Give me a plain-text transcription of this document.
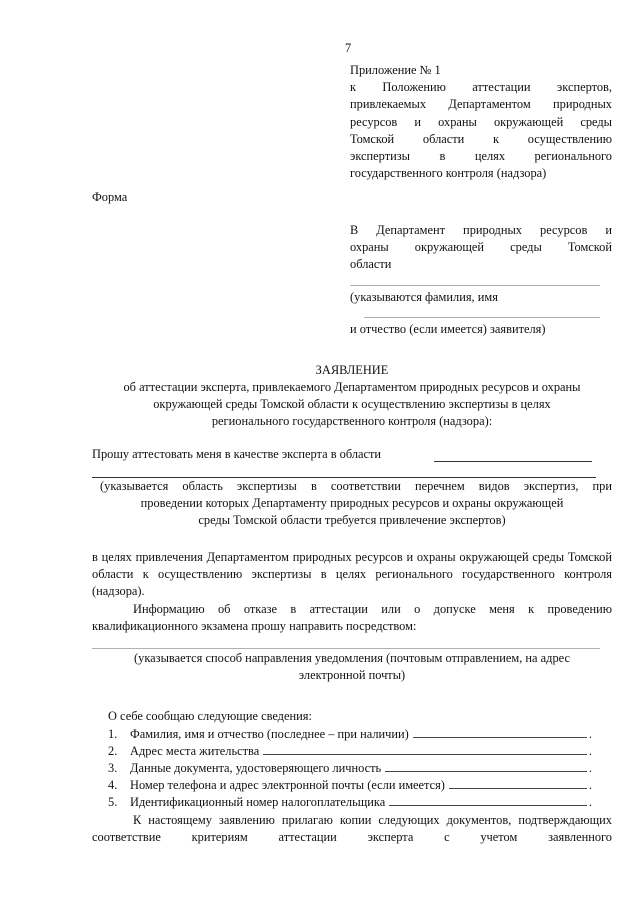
7
Приложение № 1
к Положению аттестации экспертов,
привлекаемых Департаментом природных
ресурсов и охраны окружающей среды
Томской области к осуществлению
экспертизы в целях регионального
государственного контроля (надзора)
Форма
В Департамент природных ресурсов и
охраны окружающей среды Томской
области
(указываются фамилия, имя
и отчество (если имеется) заявителя)
ЗАЯВЛЕНИЕ
об аттестации эксперта, привлекаемого Департаментом природных ресурсов и охраны
окружающей среды Томской области к осуществлению экспертизы в целях
регионального государственного контроля (надзора):
Прошу аттестовать меня в качестве эксперта в области
(указывается область экспертизы в соответствии перечнем видов экспертиз, при
проведении которых Департаменту природных ресурсов и охраны окружающей
среды Томской области требуется привлечение экспертов)
в целях привлечения Департаментом природных ресурсов и охраны окружающей среды Томской области к осуществлению экспертизы в целях регионального государственного контроля (надзора).
Информацию об отказе в аттестации или о допуске меня к проведению квалификационного экзамена прошу направить посредством:
(указывается способ направления уведомления (почтовым отправлением, на адрес
электронной почты)
О себе сообщаю следующие сведения:
1.	Фамилия, имя и отчество (последнее – при наличии)	.
2.	Адрес места жительства	.
3.	Данные документа, удостоверяющего личность	.
4.	Номер телефона и адрес электронной почты (если имеется)	.
5.	Идентификационный номер налогоплательщика	.
К настоящему заявлению прилагаю копии следующих документов, подтверждающих соответствие критериям аттестации эксперта с учетом заявленного
